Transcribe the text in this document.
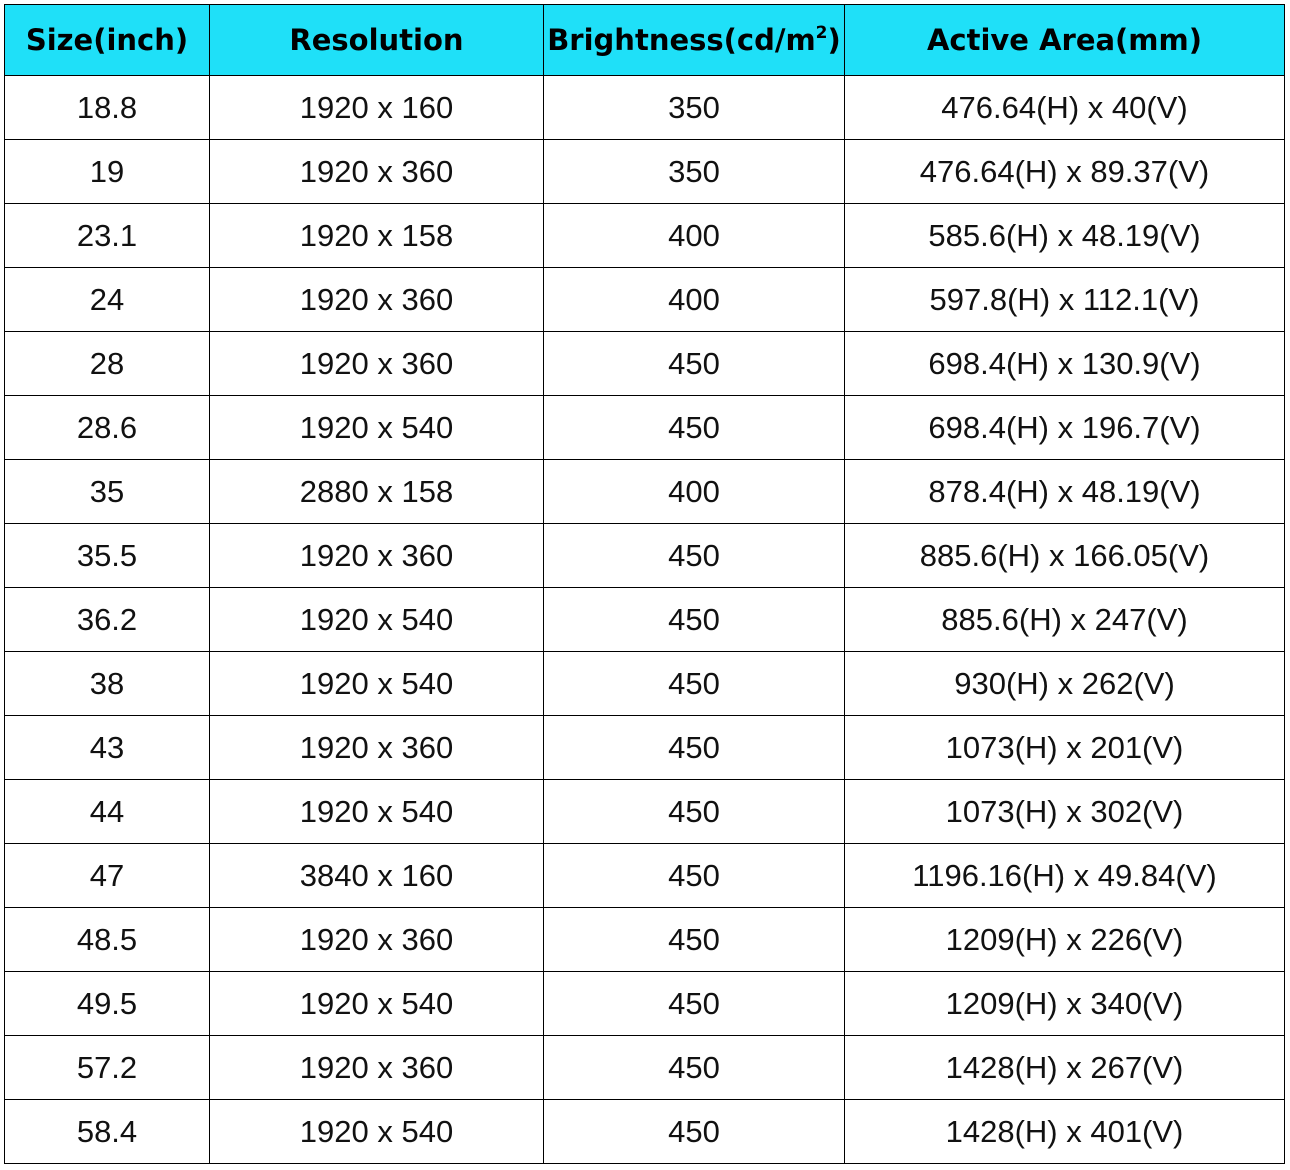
Size(inch)	Resolution	$Brightness(cd/m^2)$	Active Area(mm)
18.8	1920 x 160	350	476.64(H) x 40(V)
19	1920 x 360	350	476.64(H) x 89.37(V)
23.1	1920 x 158	400	585.6(H) x 48.19(V)
24	1920 x 360	400	597.8(H) x 112.1(V)
28	1920 x 360	450	698.4(H) x 130.9(V)
28.6	1920 x 540	450	698.4(H) x 196.7(V)
35	2880 x 158	400	878.4(H) x 48.19(V)
35.5	1920 x 360	450	885.6(H) x 166.05(V)
36.2	1920 x 540	450	885.6(H) x 247(V)
38	1920 x 540	450	930(H) x 262(V)
43	1920 x 360	450	1073(H) x 201(V)
44	1920 x 540	450	1073(H) x 302(V)
47	3840 x 160	450	1196.16(H) x 49.84(V)
48.5	1920 x 360	450	1209(H) x 226(V)
49.5	1920 x 540	450	1209(H) x 340(V)
57.2	1920 x 360	450	1428(H) x 267(V)
58.4	1920 x 540	450	1428(H) x 401(V)
